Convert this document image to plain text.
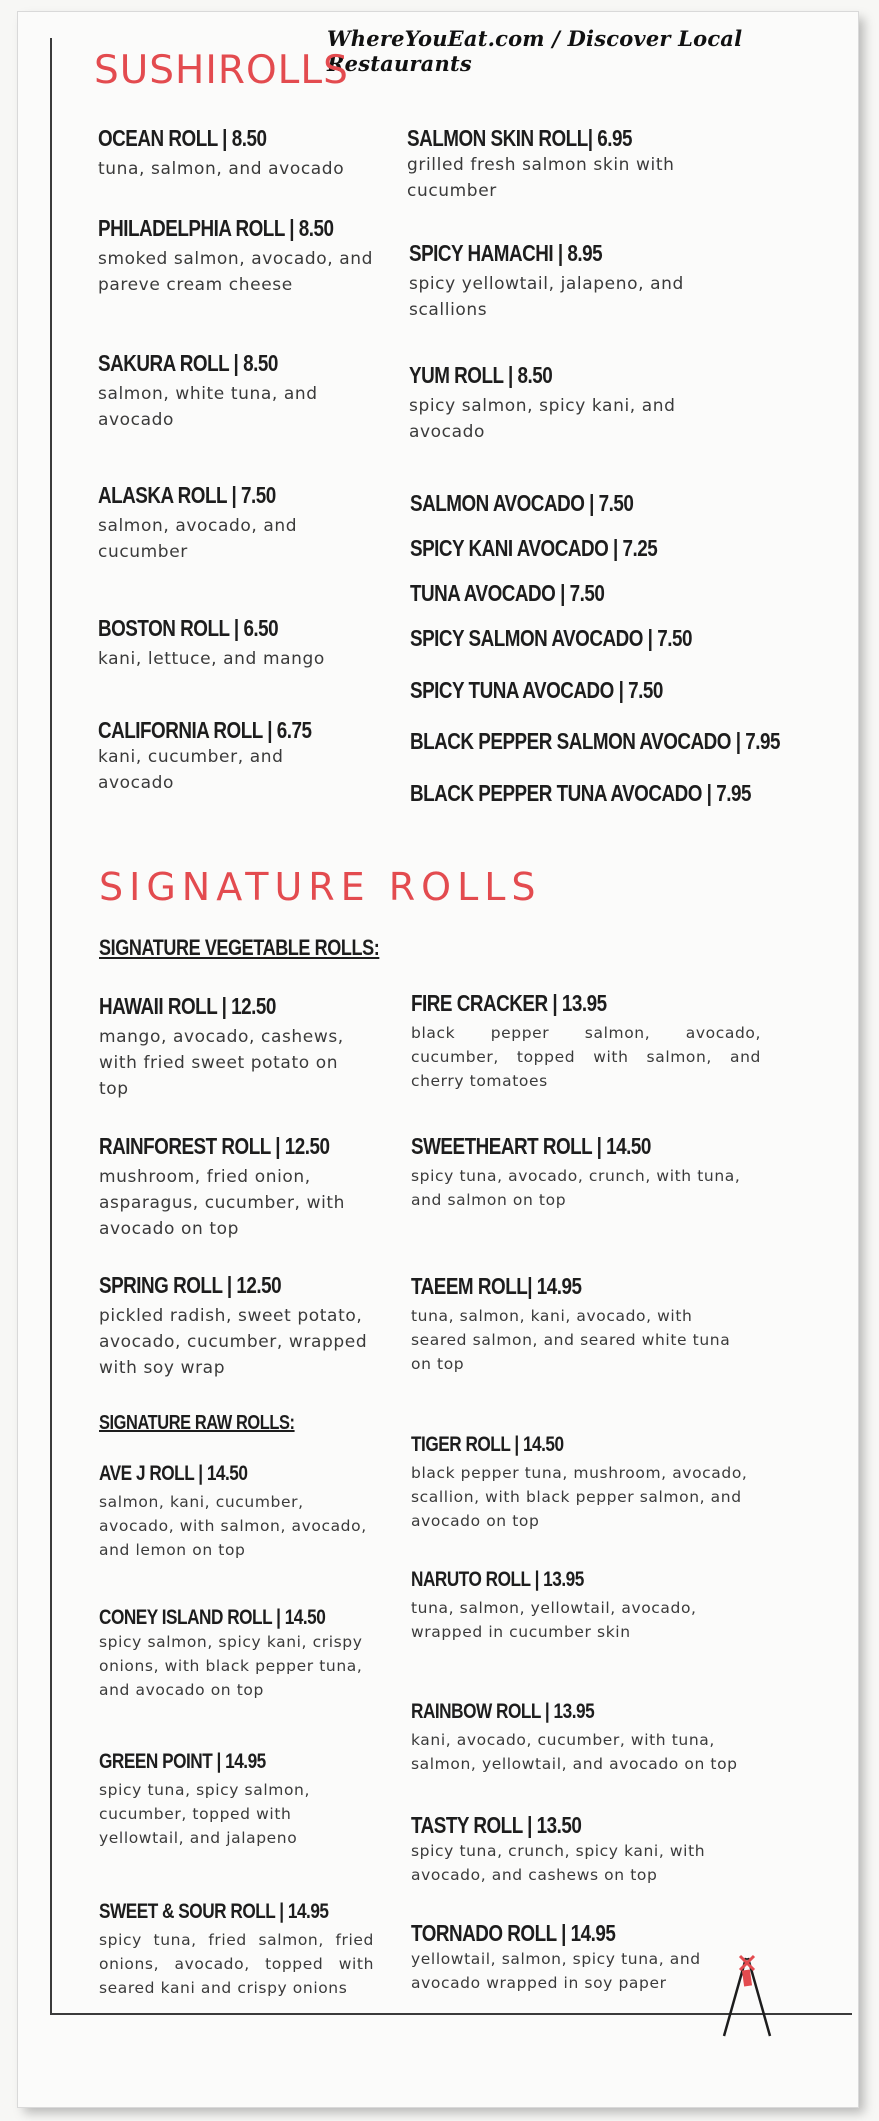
WhereYouEat.com / Discover Local Restaurants
SUSHIROLLS
OCEAN ROLL | 8.50
tuna, salmon, and avocado
PHILADELPHIA ROLL | 8.50
smoked salmon, avocado, and pareve cream cheese
SAKURA ROLL | 8.50
salmon, white tuna, and avocado
ALASKA ROLL | 7.50
salmon, avocado, and cucumber
BOSTON ROLL | 6.50
kani, lettuce, and mango
CALIFORNIA ROLL | 6.75
kani, cucumber, and avocado
SALMON SKIN ROLL| 6.95
grilled fresh salmon skin with cucumber
SPICY HAMACHI | 8.95
spicy yellowtail, jalapeno, and scallions
YUM ROLL | 8.50
spicy salmon, spicy kani, and avocado
SALMON AVOCADO | 7.50
SPICY KANI AVOCADO | 7.25
TUNA AVOCADO | 7.50
SPICY SALMON AVOCADO | 7.50
SPICY TUNA AVOCADO | 7.50
BLACK PEPPER SALMON AVOCADO | 7.95
BLACK PEPPER TUNA AVOCADO | 7.95
SIGNATURE ROLLS
SIGNATURE VEGETABLE ROLLS:
HAWAII ROLL | 12.50
mango, avocado, cashews, with fried sweet potato on top
RAINFOREST ROLL | 12.50
mushroom, fried onion, asparagus, cucumber, with avocado on top
SPRING ROLL | 12.50
pickled radish, sweet potato, avocado, cucumber, wrapped with soy wrap
SIGNATURE RAW ROLLS:
AVE J ROLL | 14.50
salmon, kani, cucumber, avocado, with salmon, avocado, and lemon on top
CONEY ISLAND ROLL | 14.50
spicy salmon, spicy kani, crispy onions, with black pepper tuna, and avocado on top
GREEN POINT | 14.95
spicy tuna, spicy salmon, cucumber, topped with yellowtail, and jalapeno
SWEET & SOUR ROLL | 14.95
spicy tuna, fried salmon, fried onions, avocado, topped with seared kani and crispy onions
FIRE CRACKER | 13.95
black pepper salmon, avocado, cucumber, topped with salmon, and cherry tomatoes
SWEETHEART ROLL | 14.50
spicy tuna, avocado, crunch, with tuna, and salmon on top
TAEEM ROLL| 14.95
tuna, salmon, kani, avocado, with seared salmon, and seared white tuna on top
TIGER ROLL | 14.50
black pepper tuna, mushroom, avocado, scallion, with black pepper salmon, and avocado on top
NARUTO ROLL | 13.95
tuna, salmon, yellowtail, avocado, wrapped in cucumber skin
RAINBOW ROLL | 13.95
kani, avocado, cucumber, with tuna, salmon, yellowtail, and avocado on top
TASTY ROLL | 13.50
spicy tuna, crunch, spicy kani, with avocado, and cashews on top
TORNADO ROLL | 14.95
yellowtail, salmon, spicy tuna, and avocado wrapped in soy paper
